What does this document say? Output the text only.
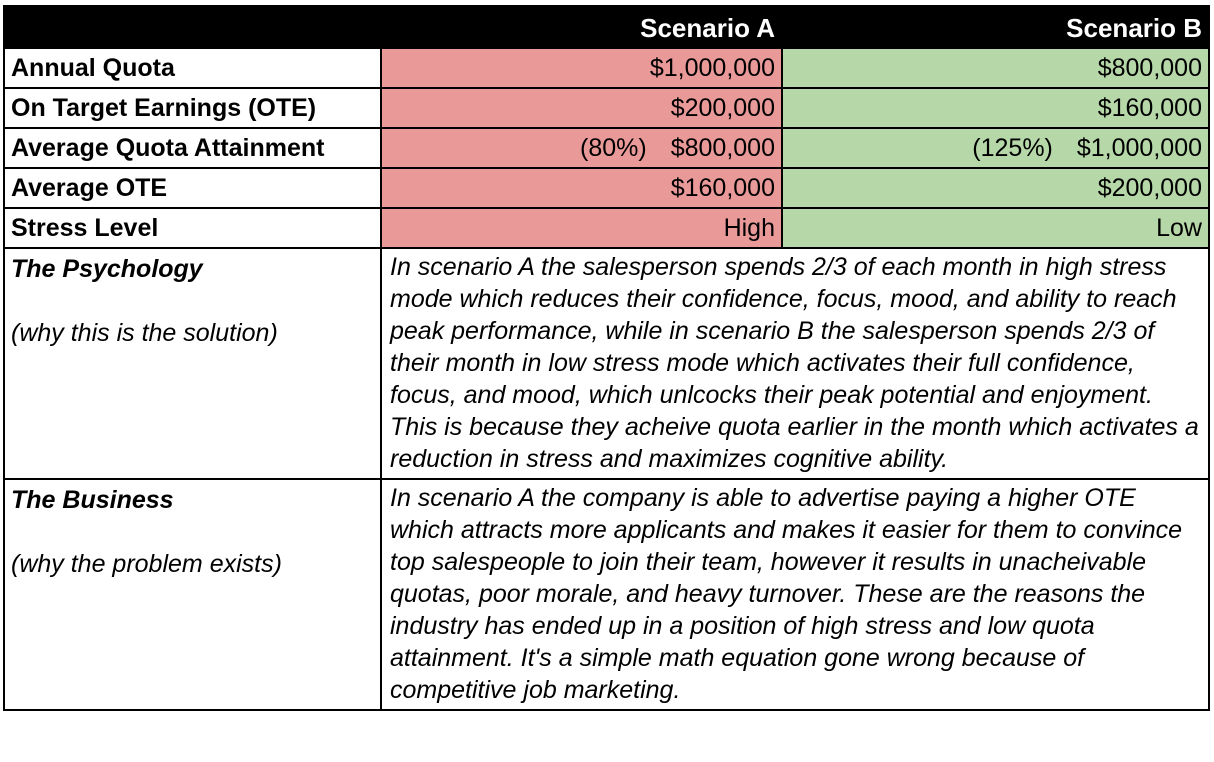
	Scenario A	Scenario B
Annual Quota	$1,000,000	$800,000
On Target Earnings (OTE)	$200,000	$160,000
Average Quota Attainment	(80%) $800,000	(125%) $1,000,000
Average OTE	$160,000	$200,000
Stress Level	High	Low

The Psychology
(why this is the solution)	In scenario A the salesperson spends 2/3 of each month in high stress mode which reduces their confidence, focus, mood, and ability to reach peak performance, while in scenario B the salesperson spends 2/3 of their month in low stress mode which activates their full confidence, focus, and mood, which unlcocks their peak potential and enjoyment. This is because they acheive quota earlier in the month which activates a reduction in stress and maximizes cognitive ability.	

The Business
(why the problem exists)	In scenario A the company is able to advertise paying a higher OTE which attracts more applicants and makes it easier for them to convince top salespeople to join their team, however it results in unacheivable quotas, poor morale, and heavy turnover. These are the reasons the industry has ended up in a position of high stress and low quota attainment. It's a simple math equation gone wrong because of competitive job marketing.	
